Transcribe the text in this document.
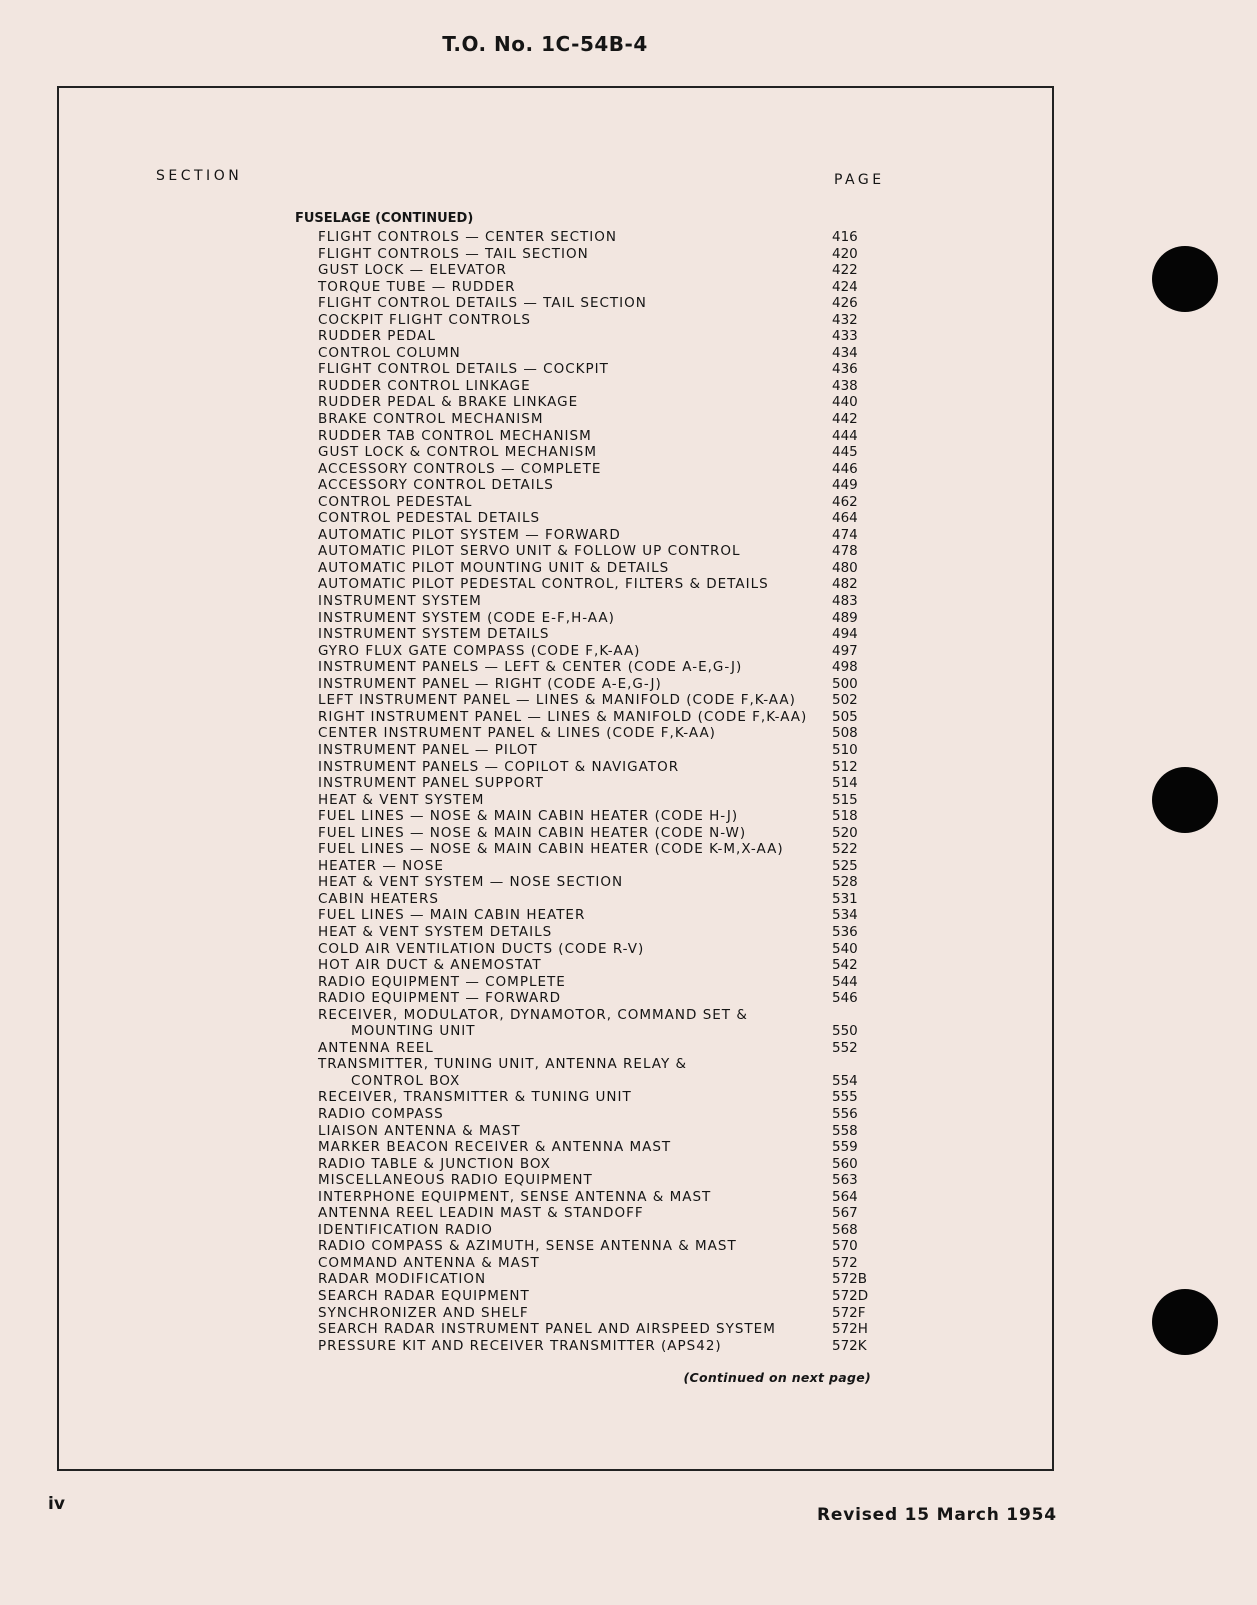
T.O. No. 1C-54B-4
SECTION	PAGE
FUSELAGE (CONTINUED)
FLIGHT CONTROLS — CENTER SECTION	416
FLIGHT CONTROLS — TAIL SECTION	420
GUST LOCK — ELEVATOR	422
TORQUE TUBE — RUDDER	424
FLIGHT CONTROL DETAILS — TAIL SECTION	426
COCKPIT FLIGHT CONTROLS	432
RUDDER PEDAL	433
CONTROL COLUMN	434
FLIGHT CONTROL DETAILS — COCKPIT	436
RUDDER CONTROL LINKAGE	438
RUDDER PEDAL & BRAKE LINKAGE	440
BRAKE CONTROL MECHANISM	442
RUDDER TAB CONTROL MECHANISM	444
GUST LOCK & CONTROL MECHANISM	445
ACCESSORY CONTROLS — COMPLETE	446
ACCESSORY CONTROL DETAILS	449
CONTROL PEDESTAL	462
CONTROL PEDESTAL DETAILS	464
AUTOMATIC PILOT SYSTEM — FORWARD	474
AUTOMATIC PILOT SERVO UNIT & FOLLOW UP CONTROL	478
AUTOMATIC PILOT MOUNTING UNIT & DETAILS	480
AUTOMATIC PILOT PEDESTAL CONTROL, FILTERS & DETAILS	482
INSTRUMENT SYSTEM	483
INSTRUMENT SYSTEM (CODE E-F,H-AA)	489
INSTRUMENT SYSTEM DETAILS	494
GYRO FLUX GATE COMPASS (CODE F,K-AA)	497
INSTRUMENT PANELS — LEFT & CENTER (CODE A-E,G-J)	498
INSTRUMENT PANEL — RIGHT (CODE A-E,G-J)	500
LEFT INSTRUMENT PANEL — LINES & MANIFOLD (CODE F,K-AA)	502
RIGHT INSTRUMENT PANEL — LINES & MANIFOLD (CODE F,K-AA)	505
CENTER INSTRUMENT PANEL & LINES (CODE F,K-AA)	508
INSTRUMENT PANEL — PILOT	510
INSTRUMENT PANELS — COPILOT & NAVIGATOR	512
INSTRUMENT PANEL SUPPORT	514
HEAT & VENT SYSTEM	515
FUEL LINES — NOSE & MAIN CABIN HEATER (CODE H-J)	518
FUEL LINES — NOSE & MAIN CABIN HEATER (CODE N-W)	520
FUEL LINES — NOSE & MAIN CABIN HEATER (CODE K-M,X-AA)	522
HEATER — NOSE	525
HEAT & VENT SYSTEM — NOSE SECTION	528
CABIN HEATERS	531
FUEL LINES — MAIN CABIN HEATER	534
HEAT & VENT SYSTEM DETAILS	536
COLD AIR VENTILATION DUCTS (CODE R-V)	540
HOT AIR DUCT & ANEMOSTAT	542
RADIO EQUIPMENT — COMPLETE	544
RADIO EQUIPMENT — FORWARD	546
RECEIVER, MODULATOR, DYNAMOTOR, COMMAND SET &
MOUNTING UNIT	550
ANTENNA REEL	552
TRANSMITTER, TUNING UNIT, ANTENNA RELAY &
CONTROL BOX	554
RECEIVER, TRANSMITTER & TUNING UNIT	555
RADIO COMPASS	556
LIAISON ANTENNA & MAST	558
MARKER BEACON RECEIVER & ANTENNA MAST	559
RADIO TABLE & JUNCTION BOX	560
MISCELLANEOUS RADIO EQUIPMENT	563
INTERPHONE EQUIPMENT, SENSE ANTENNA & MAST	564
ANTENNA REEL LEADIN MAST & STANDOFF	567
IDENTIFICATION RADIO	568
RADIO COMPASS & AZIMUTH, SENSE ANTENNA & MAST	570
COMMAND ANTENNA & MAST	572
RADAR MODIFICATION	572B
SEARCH RADAR EQUIPMENT	572D
SYNCHRONIZER AND SHELF	572F
SEARCH RADAR INSTRUMENT PANEL AND AIRSPEED SYSTEM	572H
PRESSURE KIT AND RECEIVER TRANSMITTER (APS42)	572K
(Continued on next page)
iv
Revised 15 March 1954
